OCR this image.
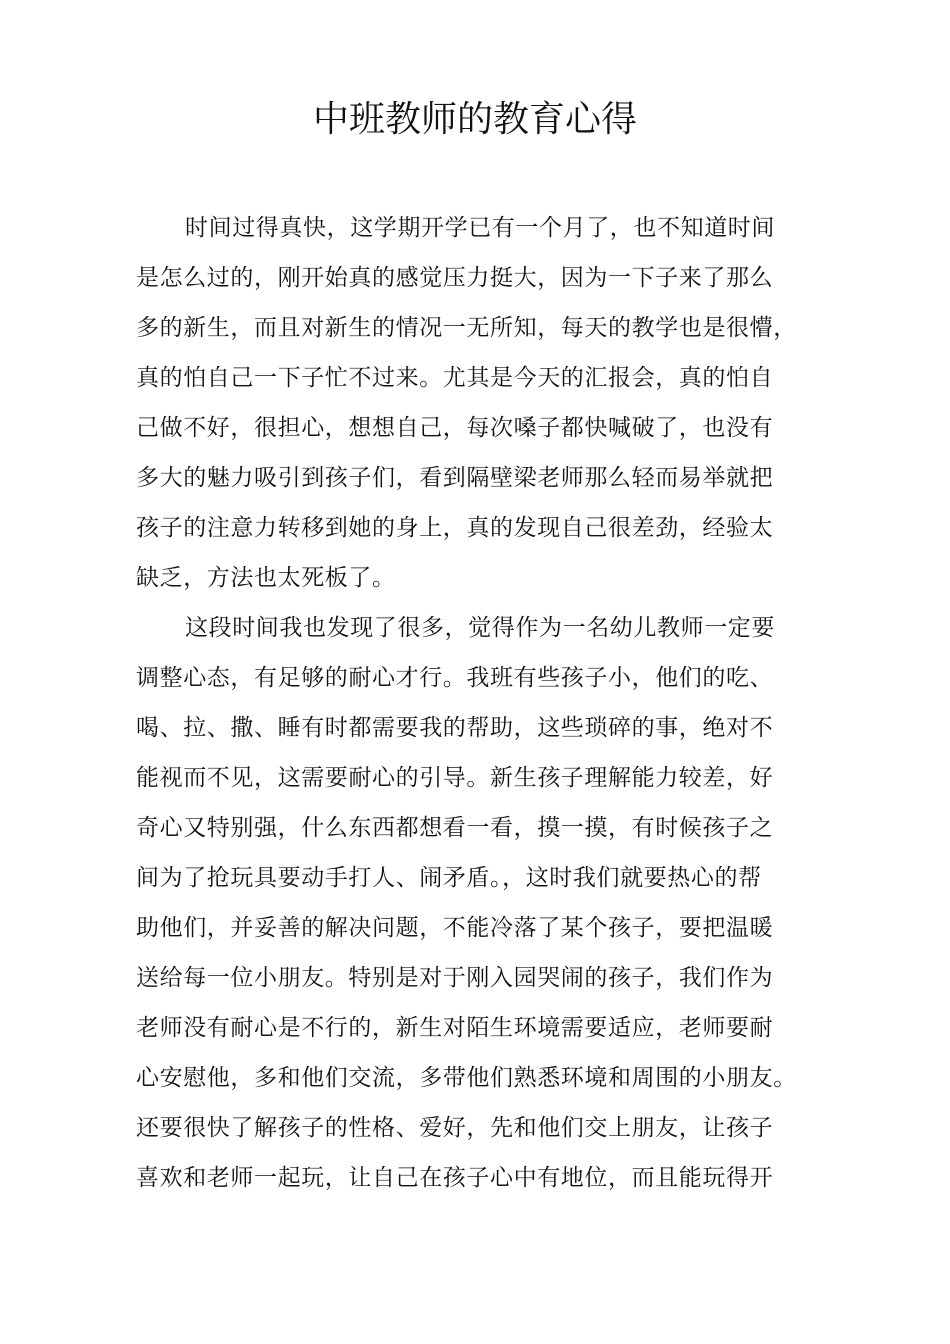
中班教师的教育心得
时间过得真快，这学期开学已有一个月了，也不知道时间
是怎么过的，刚开始真的感觉压力挺大，因为一下子来了那么
多的新生，而且对新生的情况一无所知，每天的教学也是很懵，
真的怕自己一下子忙不过来。尤其是今天的汇报会，真的怕自
己做不好，很担心，想想自己，每次嗓子都快喊破了，也没有
多大的魅力吸引到孩子们，看到隔壁梁老师那么轻而易举就把
孩子的注意力转移到她的身上，真的发现自己很差劲，经验太
缺乏，方法也太死板了。
这段时间我也发现了很多，觉得作为一名幼儿教师一定要
调整心态，有足够的耐心才行。我班有些孩子小，他们的吃、
喝、拉、撒、睡有时都需要我的帮助，这些琐碎的事，绝对不
能视而不见，这需要耐心的引导。新生孩子理解能力较差，好
奇心又特别强，什么东西都想看一看，摸一摸，有时候孩子之
间为了抢玩具要动手打人、闹矛盾。，这时我们就要热心的帮
助他们，并妥善的解决问题，不能冷落了某个孩子，要把温暖
送给每一位小朋友。特别是对于刚入园哭闹的孩子，我们作为
老师没有耐心是不行的，新生对陌生环境需要适应，老师要耐
心安慰他，多和他们交流，多带他们熟悉环境和周围的小朋友。
还要很快了解孩子的性格、爱好，先和他们交上朋友，让孩子
喜欢和老师一起玩，让自己在孩子心中有地位，而且能玩得开
